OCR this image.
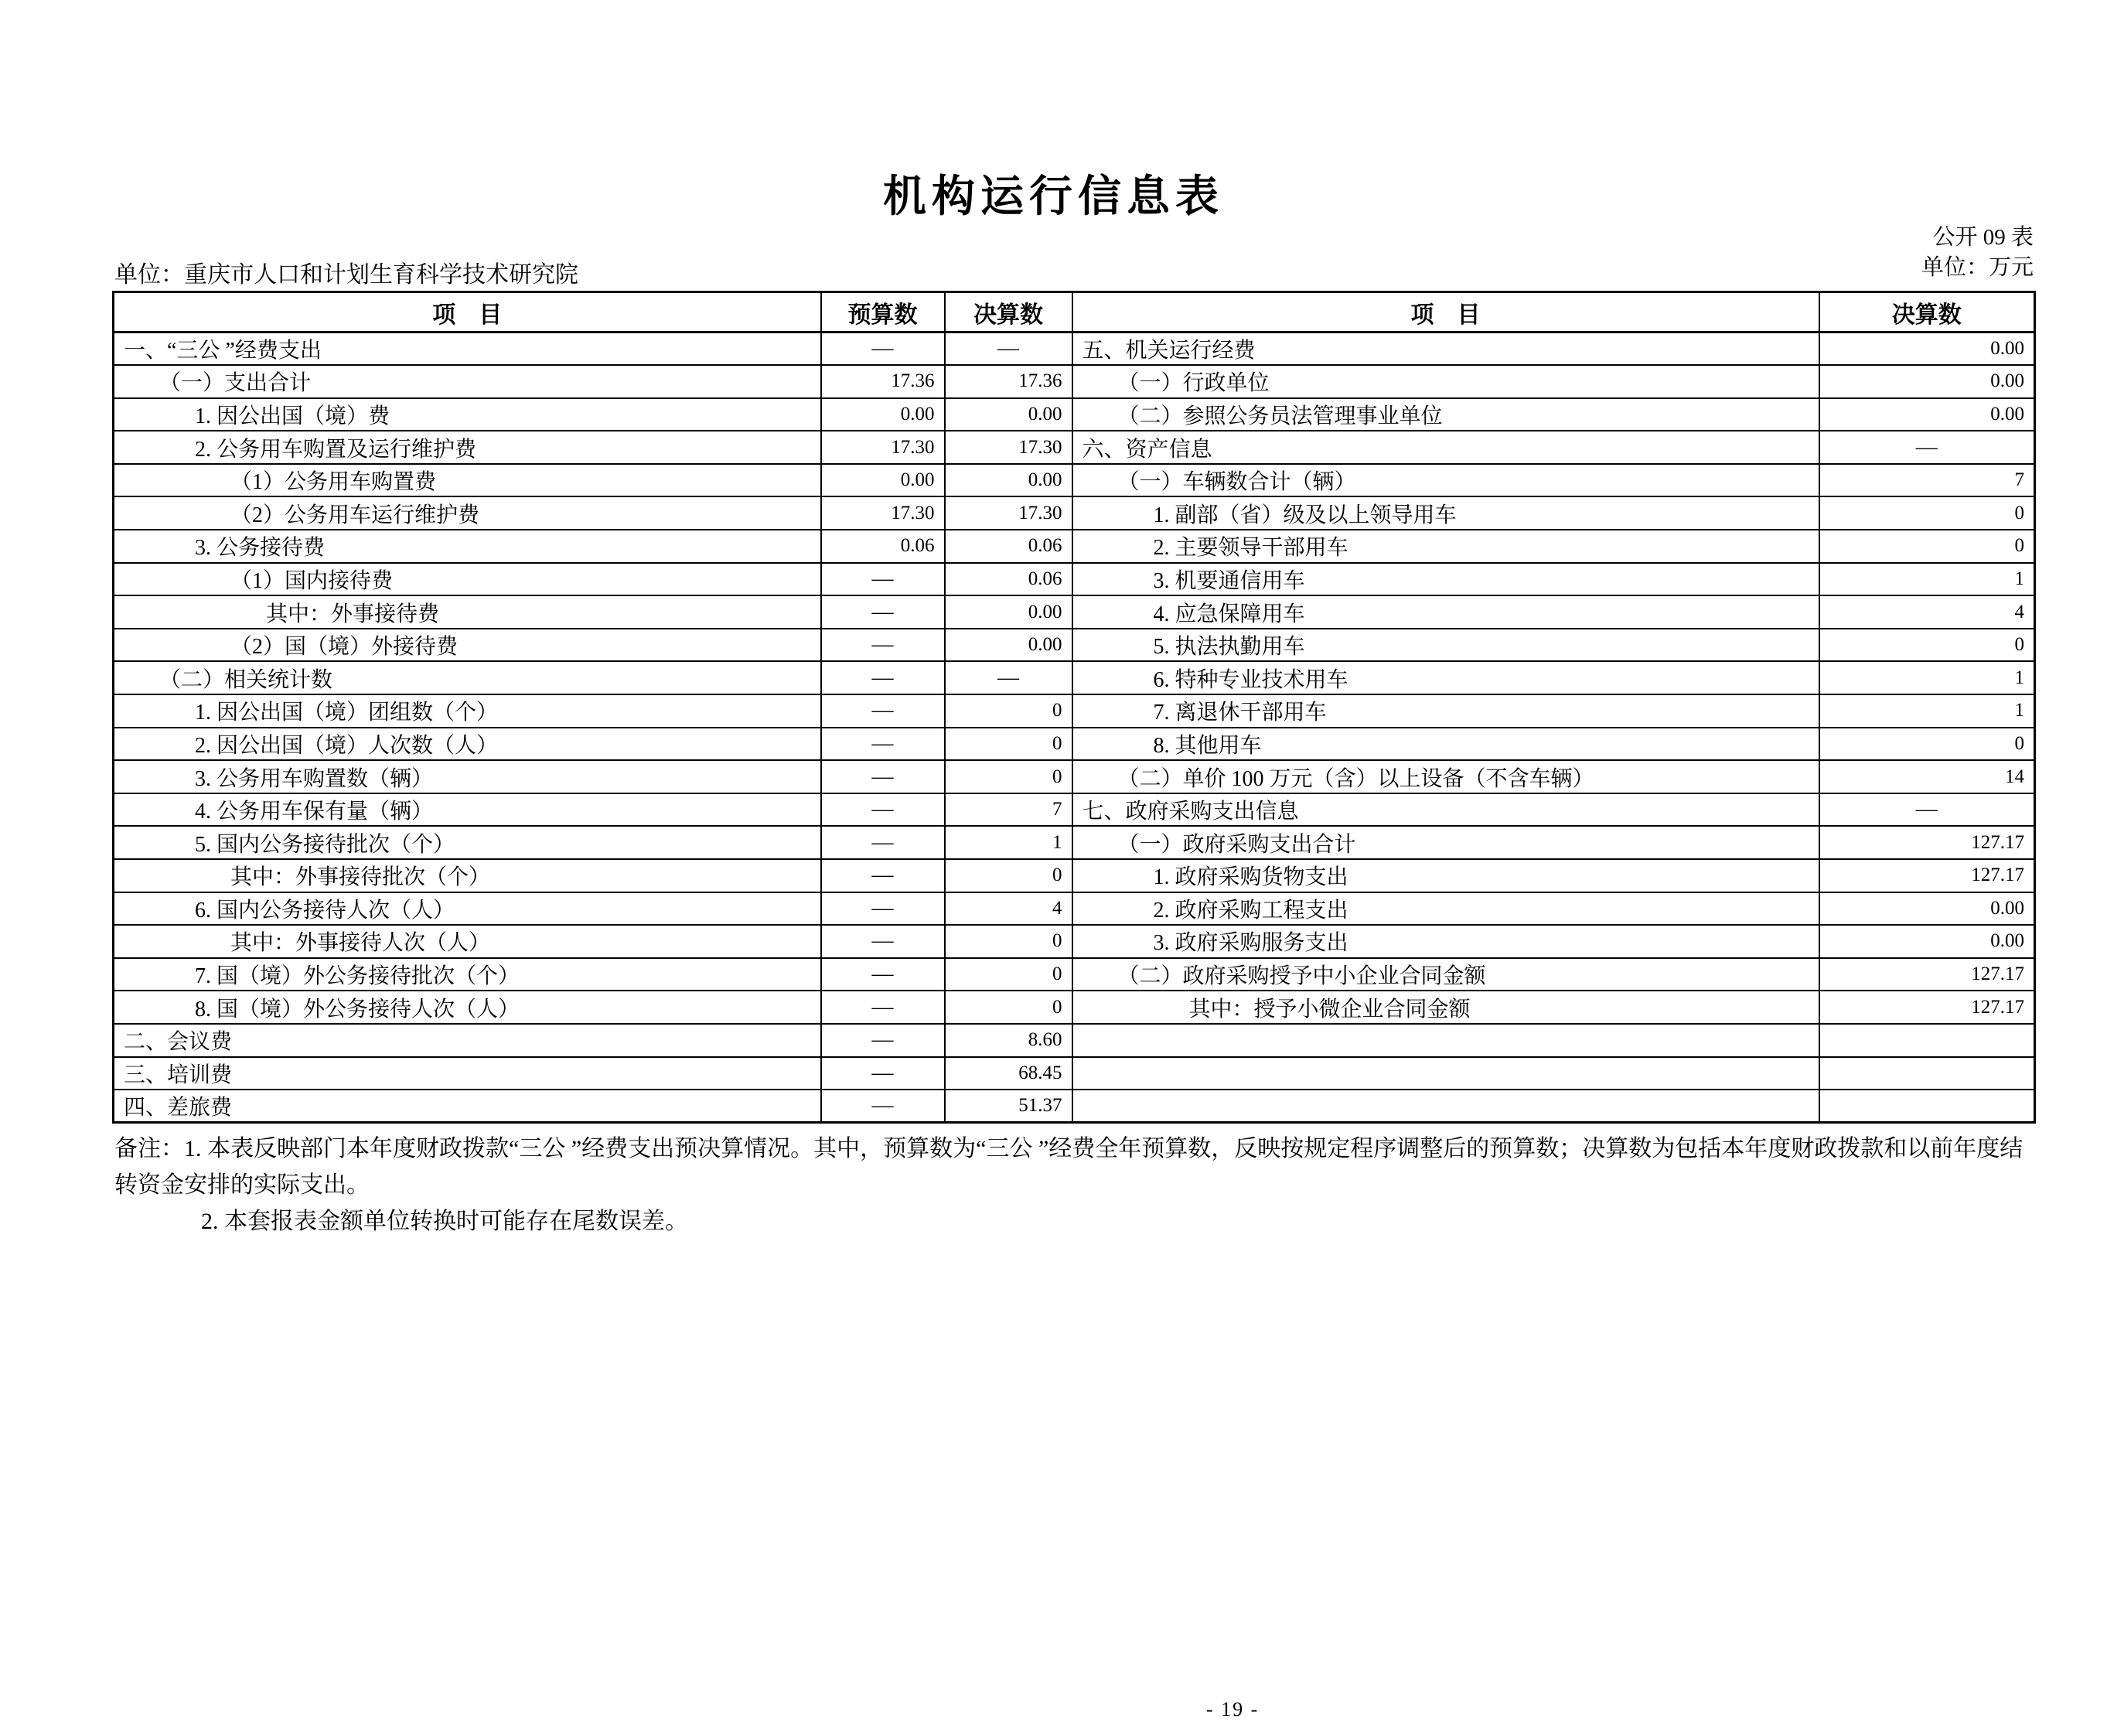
机构运行信息表
公开 09 表
单位：万元
单位：重庆市人口和计划生育科学技术研究院
项　目	预算数	决算数	项　目	决算数
一、“三公 ”经费支出	—	—	五、机关运行经费	0.00
（一）支出合计	17.36	17.36	（一）行政单位	0.00
1. 因公出国（境）费	0.00	0.00	（二）参照公务员法管理事业单位	0.00
2. 公务用车购置及运行维护费	17.30	17.30	六、资产信息	—
（1）公务用车购置费	0.00	0.00	（一）车辆数合计（辆）	7
（2）公务用车运行维护费	17.30	17.30	1. 副部（省）级及以上领导用车	0
3. 公务接待费	0.06	0.06	2. 主要领导干部用车	0
（1）国内接待费	—	0.06	3. 机要通信用车	1
其中：外事接待费	—	0.00	4. 应急保障用车	4
（2）国（境）外接待费	—	0.00	5. 执法执勤用车	0
（二）相关统计数	—	—	6. 特种专业技术用车	1
1. 因公出国（境）团组数（个）	—	0	7. 离退休干部用车	1
2. 因公出国（境）人次数（人）	—	0	8. 其他用车	0
3. 公务用车购置数（辆）	—	0	（二）单价 100 万元（含）以上设备（不含车辆）	14
4. 公务用车保有量（辆）	—	7	七、政府采购支出信息	—
5. 国内公务接待批次（个）	—	1	（一）政府采购支出合计	127.17
其中：外事接待批次（个）	—	0	1. 政府采购货物支出	127.17
6. 国内公务接待人次（人）	—	4	2. 政府采购工程支出	0.00
其中：外事接待人次（人）	—	0	3. 政府采购服务支出	0.00
7. 国（境）外公务接待批次（个）	—	0	（二）政府采购授予中小企业合同金额	127.17
8. 国（境）外公务接待人次（人）	—	0	其中：授予小微企业合同金额	127.17
二、会议费	—	8.60		
三、培训费	—	68.45		
四、差旅费	—	51.37		
备注：1. 本表反映部门本年度财政拨款“三公 ”经费支出预决算情况。其中，预算数为“三公 ”经费全年预算数，反映按规定程序调整后的预算数；决算数为包括本年度财政拨款和以前年度结转资金安排的实际支出。
2. 本套报表金额单位转换时可能存在尾数误差。
- 19 -
